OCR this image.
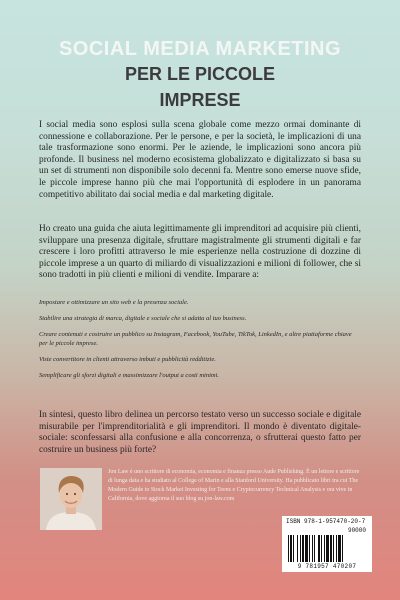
SOCIAL MEDIA MARKETING
PER LE PICCOLE
IMPRESE

I social media sono esplosi sulla scena globale come mezzo ormai dominante di connessione e collaborazione. Per le persone, e per la società, le implicazioni di una tale trasformazione sono enormi. Per le aziende, le implicazioni sono ancora più profonde. Il business nel moderno ecosistema globalizzato e digitalizzato si basa su un set di strumenti non disponibile solo decenni fa. Mentre sono emerse nuove sfide, le piccole imprese hanno più che mai l'opportunità di esplodere in un panorama competitivo abilitato dai social media e dal marketing digitale.

Ho creato una guida che aiuta legittimamente gli imprenditori ad acquisire più clienti, sviluppare una presenza digitale, sfruttare magistralmente gli strumenti digitali e far crescere i loro profitti attraverso le mie esperienze nella costruzione di dozzine di piccole imprese a un quarto di miliardo di visualizzazioni e milioni di follower, che si sono tradotti in più clienti e milioni di vendite. Imparare a:

Impostare e ottimizzare un sito web e la presenza sociale.
Stabilire una strategia di marca, digitale e sociale che si adatta al tuo business.
Creare contenuti e costruire un pubblico su Instagram, Facebook, YouTube, TikTok, LinkedIn, e altre piattaforme chiave per le piccole imprese.
Viste convertitore in clienti attraverso imbuti e pubblicità redditizie.
Semplificare gli sforzi digitali e massimizzare l'output a costi minimi.

In sintesi, questo libro delinea un percorso testato verso un successo sociale e digitale misurabile per l'imprenditorialità e gli imprenditori. Il mondo è diventato digitale-sociale: sconfessarsi alla confusione e alla concorrenza, o sfrutterai questo fatto per costruire un business più forte?

Jon Law è uno scrittore di economia, economia e finanza presso Aude Publishing. È un lettore e scrittore di lunga data e ha studiato al College of Marin e alla Stanford University. Ha pubblicato libri tra cui The Modern Guide to Stock Market Investing for Teens e Cryptocurrency Technical Analysis e ora vive in California, dove aggiorna il suo blog su jon-law.com

ISBN 978-1-957470-20-7
90000
9 781957 470207
